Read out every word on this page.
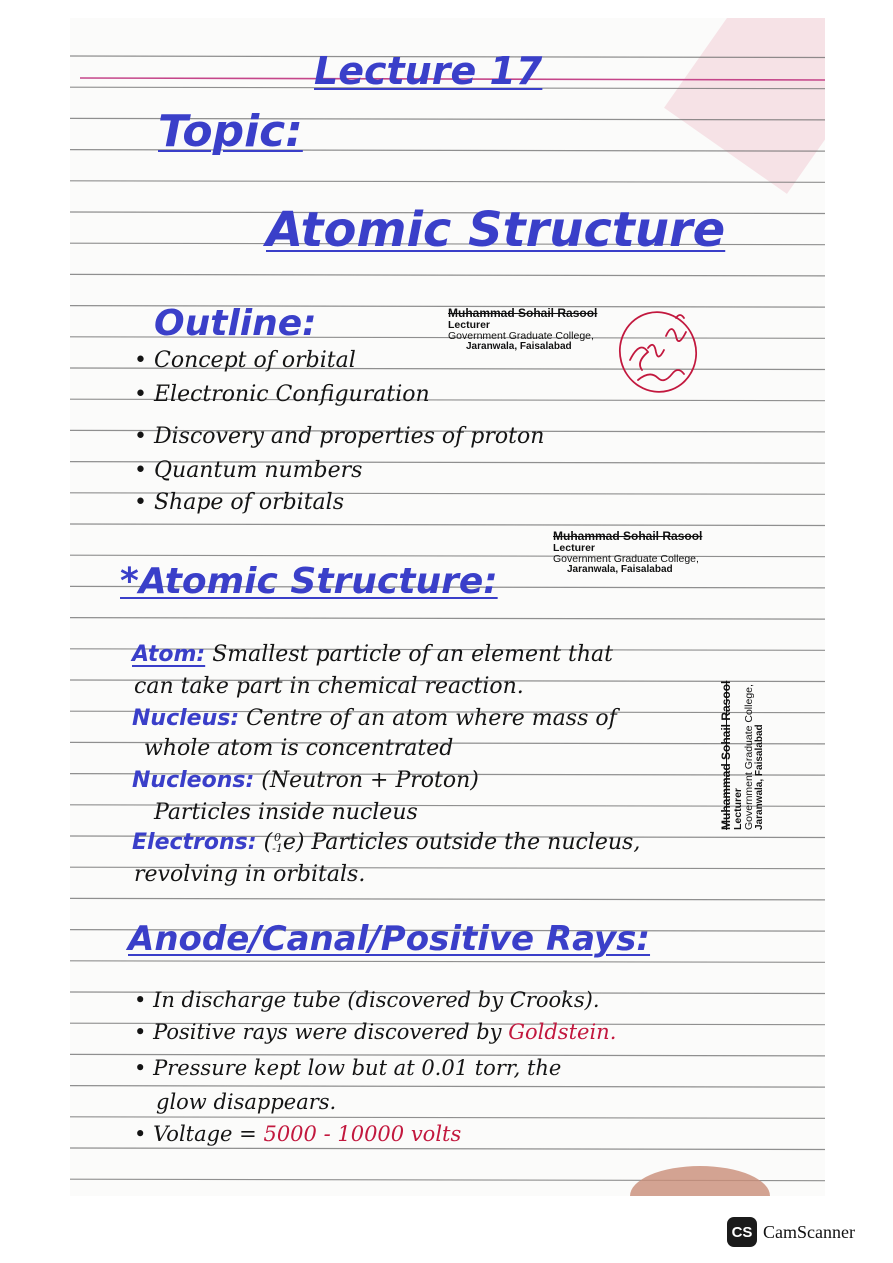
Lecture 17
Topic:
Atomic Structure
Outline:
• Concept of orbital
• Electronic Configuration
• Discovery and properties of proton
• Quantum numbers
• Shape of orbitals
Muhammad Sohail Rasool
Lecturer
Government Graduate College,
Jaranwala, Faisalabad
Muhammad Sohail Rasool
Lecturer
Government Graduate College,
Jaranwala, Faisalabad
*Atomic Structure:
Atom: Smallest particle of an element that
can take part in chemical reaction.
Nucleus: Centre of an atom where mass of
whole atom is concentrated
Nucleons: (Neutron + Proton)
Particles inside nucleus
Electrons: ( 0
-1 e) Particles outside the nucleus,
revolving in orbitals.
Muhammad Sohail Rasool
Lecturer Government Graduate College, Jaranwala, Faisalabad
Anode/Canal/Positive Rays:
• In discharge tube (discovered by Crooks).
• Positive rays were discovered by Goldstein.
• Pressure kept low but at 0.01 torr, the
glow disappears.
• Voltage = 5000 - 10000 volts
CS CamScanner
